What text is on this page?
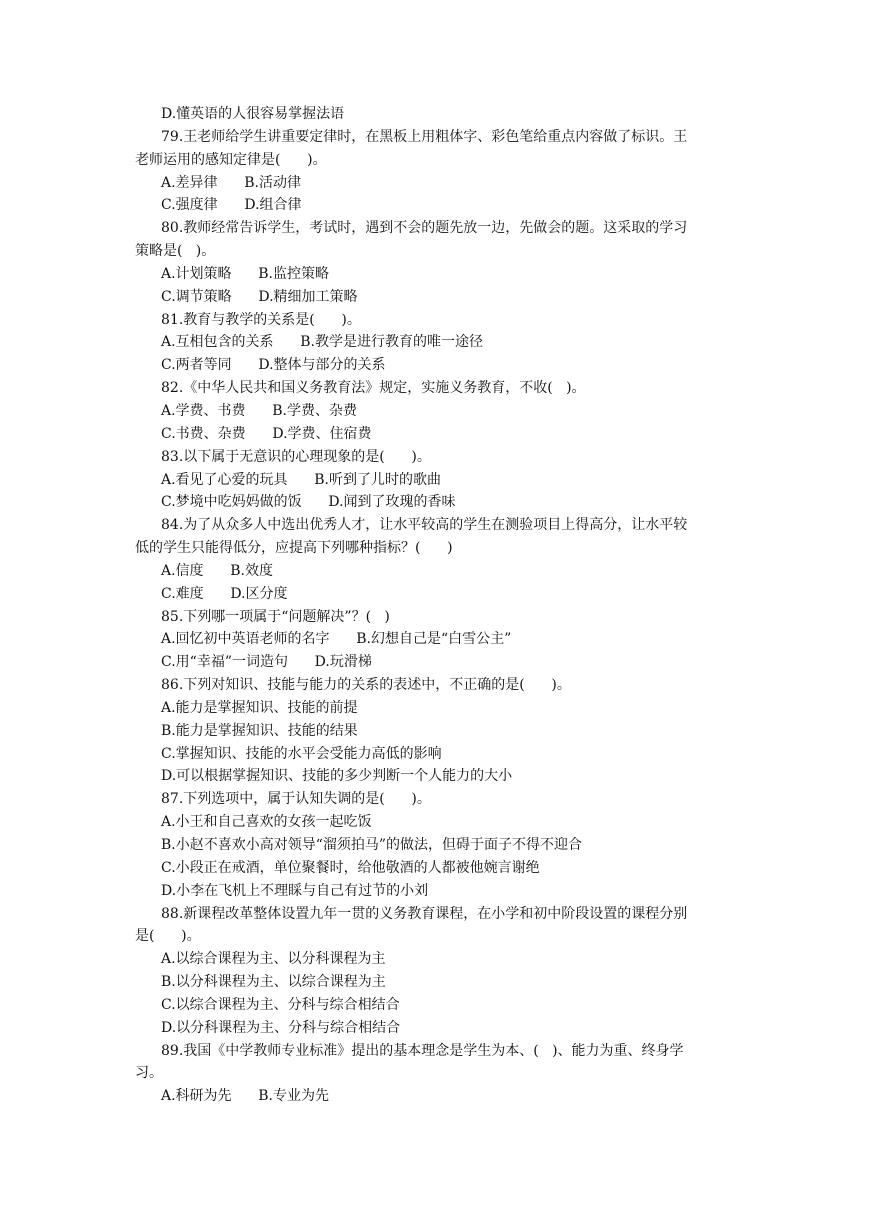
D.懂英语的人很容易掌握法语

79.王老师给学生讲重要定律时，在黑板上用粗体字、彩色笔给重点内容做了标识。王

老师运用的感知定律是(      )。

A.差异律      B.活动律

C.强度律      D.组合律

80.教师经常告诉学生，考试时，遇到不会的题先放一边，先做会的题。这采取的学习

策略是(   )。

A.计划策略      B.监控策略

C.调节策略      D.精细加工策略

81.教育与教学的关系是(      )。

A.互相包含的关系      B.教学是进行教育的唯一途径

C.两者等同      D.整体与部分的关系

82.《中华人民共和国义务教育法》规定，实施义务教育，不收(   )。

A.学费、书费      B.学费、杂费

C.书费、杂费      D.学费、住宿费

83.以下属于无意识的心理现象的是(      )。

A.看见了心爱的玩具      B.听到了儿时的歌曲

C.梦境中吃妈妈做的饭      D.闻到了玫瑰的香味

84.为了从众多人中选出优秀人才，让水平较高的学生在测验项目上得高分，让水平较

低的学生只能得低分，应提高下列哪种指标？(      )

A.信度      B.效度

C.难度      D.区分度

85.下列哪一项属于“问题解决”？(   )

A.回忆初中英语老师的名字      B.幻想自己是“白雪公主”

C.用“幸福”一词造句      D.玩滑梯

86.下列对知识、技能与能力的关系的表述中，不正确的是(      )。

A.能力是掌握知识、技能的前提

B.能力是掌握知识、技能的结果

C.掌握知识、技能的水平会受能力高低的影响

D.可以根据掌握知识、技能的多少判断一个人能力的大小

87.下列选项中，属于认知失调的是(      )。

A.小王和自己喜欢的女孩一起吃饭

B.小赵不喜欢小高对领导“溜须拍马”的做法，但碍于面子不得不迎合

C.小段正在戒酒，单位聚餐时，给他敬酒的人都被他婉言谢绝

D.小李在飞机上不理睬与自己有过节的小刘

88.新课程改革整体设置九年一贯的义务教育课程，在小学和初中阶段设置的课程分别

是(      )。

A.以综合课程为主、以分科课程为主

B.以分科课程为主、以综合课程为主

C.以综合课程为主、分科与综合相结合

D.以分科课程为主、分科与综合相结合

89.我国《中学教师专业标准》提出的基本理念是学生为本、(   )、能力为重、终身学

习。

A.科研为先      B.专业为先
